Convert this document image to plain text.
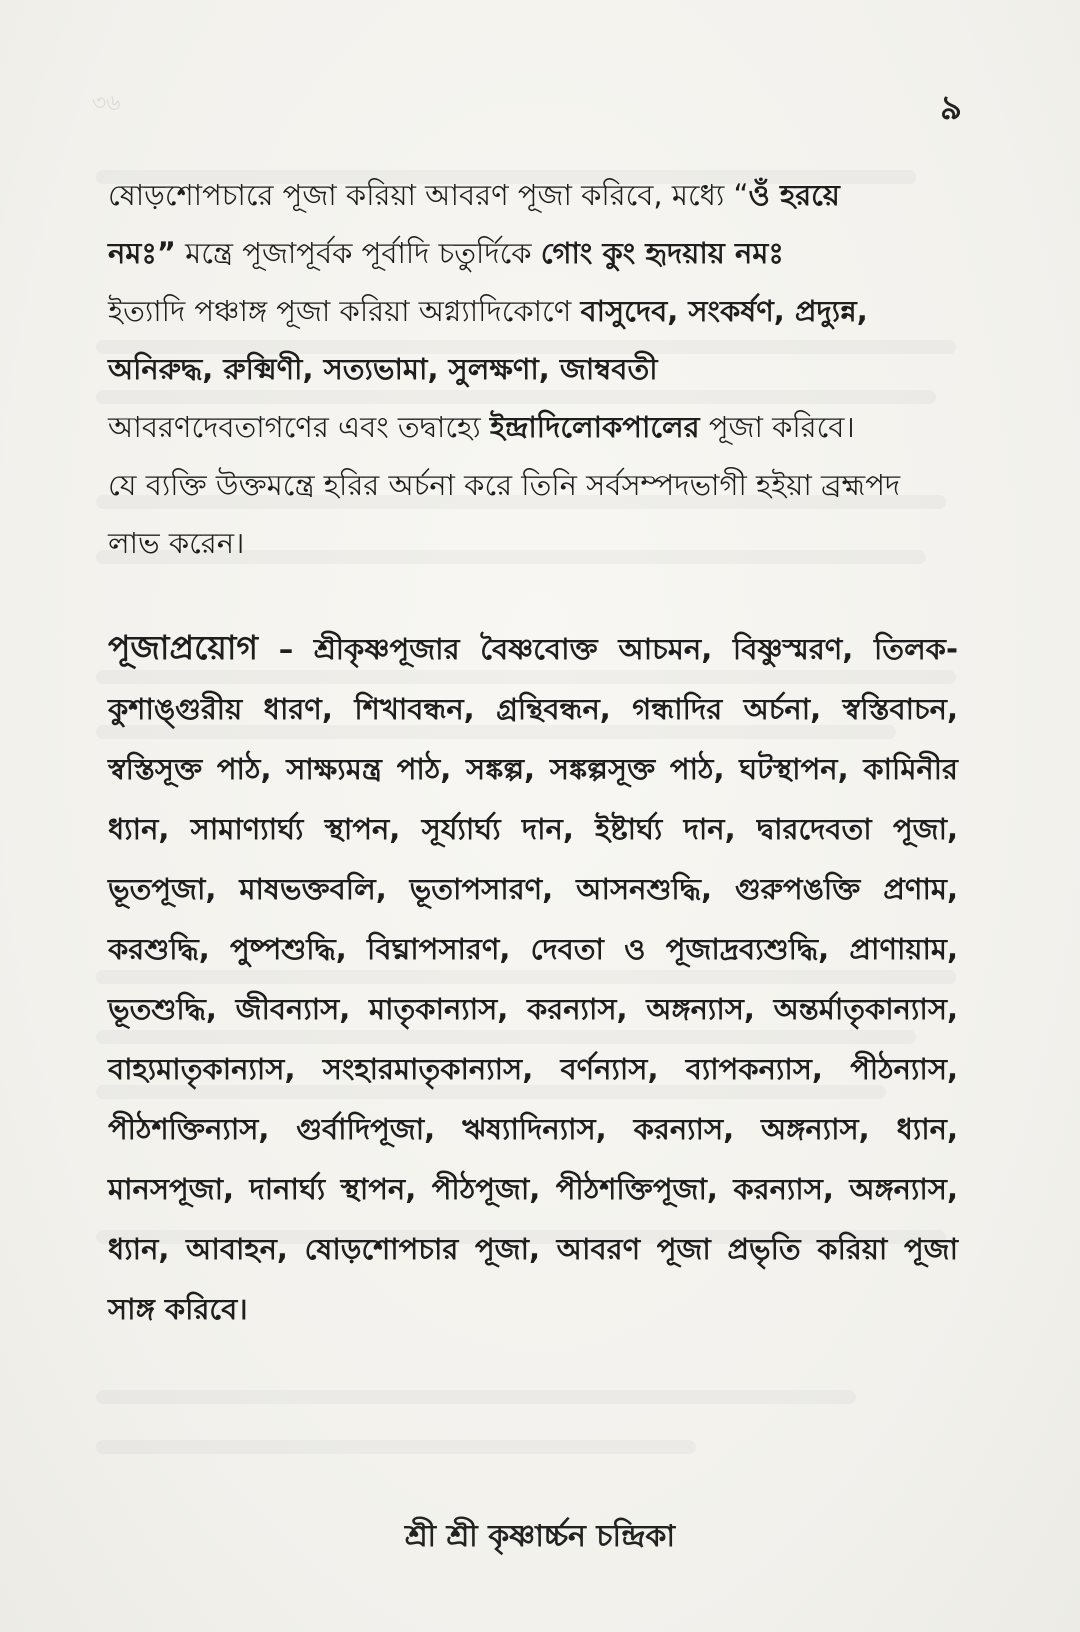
৩৬	৯
ষোড়শোপচারে পূজা করিয়া আবরণ পূজা করিবে, মধ্যে “ওঁ হরয়ে
নমঃ” মন্ত্রে পূজাপূর্বক পূর্বাদি চতুর্দিকে গোং কুং হৃদয়ায় নমঃ
ইত্যাদি পঞ্চাঙ্গ পূজা করিয়া অগ্ন্যাদিকোণে বাসুদেব, সংকর্ষণ, প্রদ্যুন্ন,
অনিরুদ্ধ, রুক্মিণী, সত্যভামা, সুলক্ষণা, জাম্ববতী
আবরণদেবতাগণের এবং তদ্বাহ্যে ইন্দ্রাদিলোকপালের পূজা করিবে।
যে ব্যক্তি উক্তমন্ত্রে হরির অর্চনা করে তিনি সর্বসম্পদভাগী হইয়া ব্রহ্মপদ
লাভ করেন।
পূজাপ্রয়োগ – শ্রীকৃষ্ণপূজার বৈষ্ণবোক্ত আচমন, বিষ্ণুস্মরণ, তিলক- কুশাঙ্গুরীয় ধারণ, শিখাবন্ধন, গ্রন্থিবন্ধন, গন্ধাদির অর্চনা, স্বস্তিবাচন, স্বস্তিসূক্ত পাঠ, সাক্ষ্যমন্ত্র পাঠ, সঙ্কল্প, সঙ্কল্পসূক্ত পাঠ, ঘটস্থাপন, কামিনীর ধ্যান, সামাণ্যার্ঘ্য স্থাপন, সূর্য্যার্ঘ্য দান, ইষ্টার্ঘ্য দান, দ্বারদেবতা পূজা, ভূতপূজা, মাষভক্তবলি, ভূতাপসারণ, আসনশুদ্ধি, গুরুপঙক্তি প্রণাম, করশুদ্ধি, পুষ্পশুদ্ধি, বিঘ্নাপসারণ, দেবতা ও পূজাদ্রব্যশুদ্ধি, প্রাণায়াম, ভূতশুদ্ধি, জীবন্যাস, মাতৃকান্যাস, করন্যাস, অঙ্গন্যাস, অন্তর্মাতৃকান্যাস, বাহ্যমাতৃকান্যাস, সংহারমাতৃকান্যাস, বর্ণন্যাস, ব্যাপকন্যাস, পীঠন্যাস, পীঠশক্তিন্যাস, গুর্বাদিপূজা, ঋষ্যাদিন্যাস, করন্যাস, অঙ্গন্যাস, ধ্যান, মানসপূজা, দানার্ঘ্য স্থাপন, পীঠপূজা, পীঠশক্তিপূজা, করন্যাস, অঙ্গন্যাস, ধ্যান, আবাহন, ষোড়শোপচার পূজা, আবরণ পূজা প্রভৃতি করিয়া পূজা সাঙ্গ করিবে।
শ্রী শ্রী কৃষ্ণার্চ্চন চন্দ্রিকা
